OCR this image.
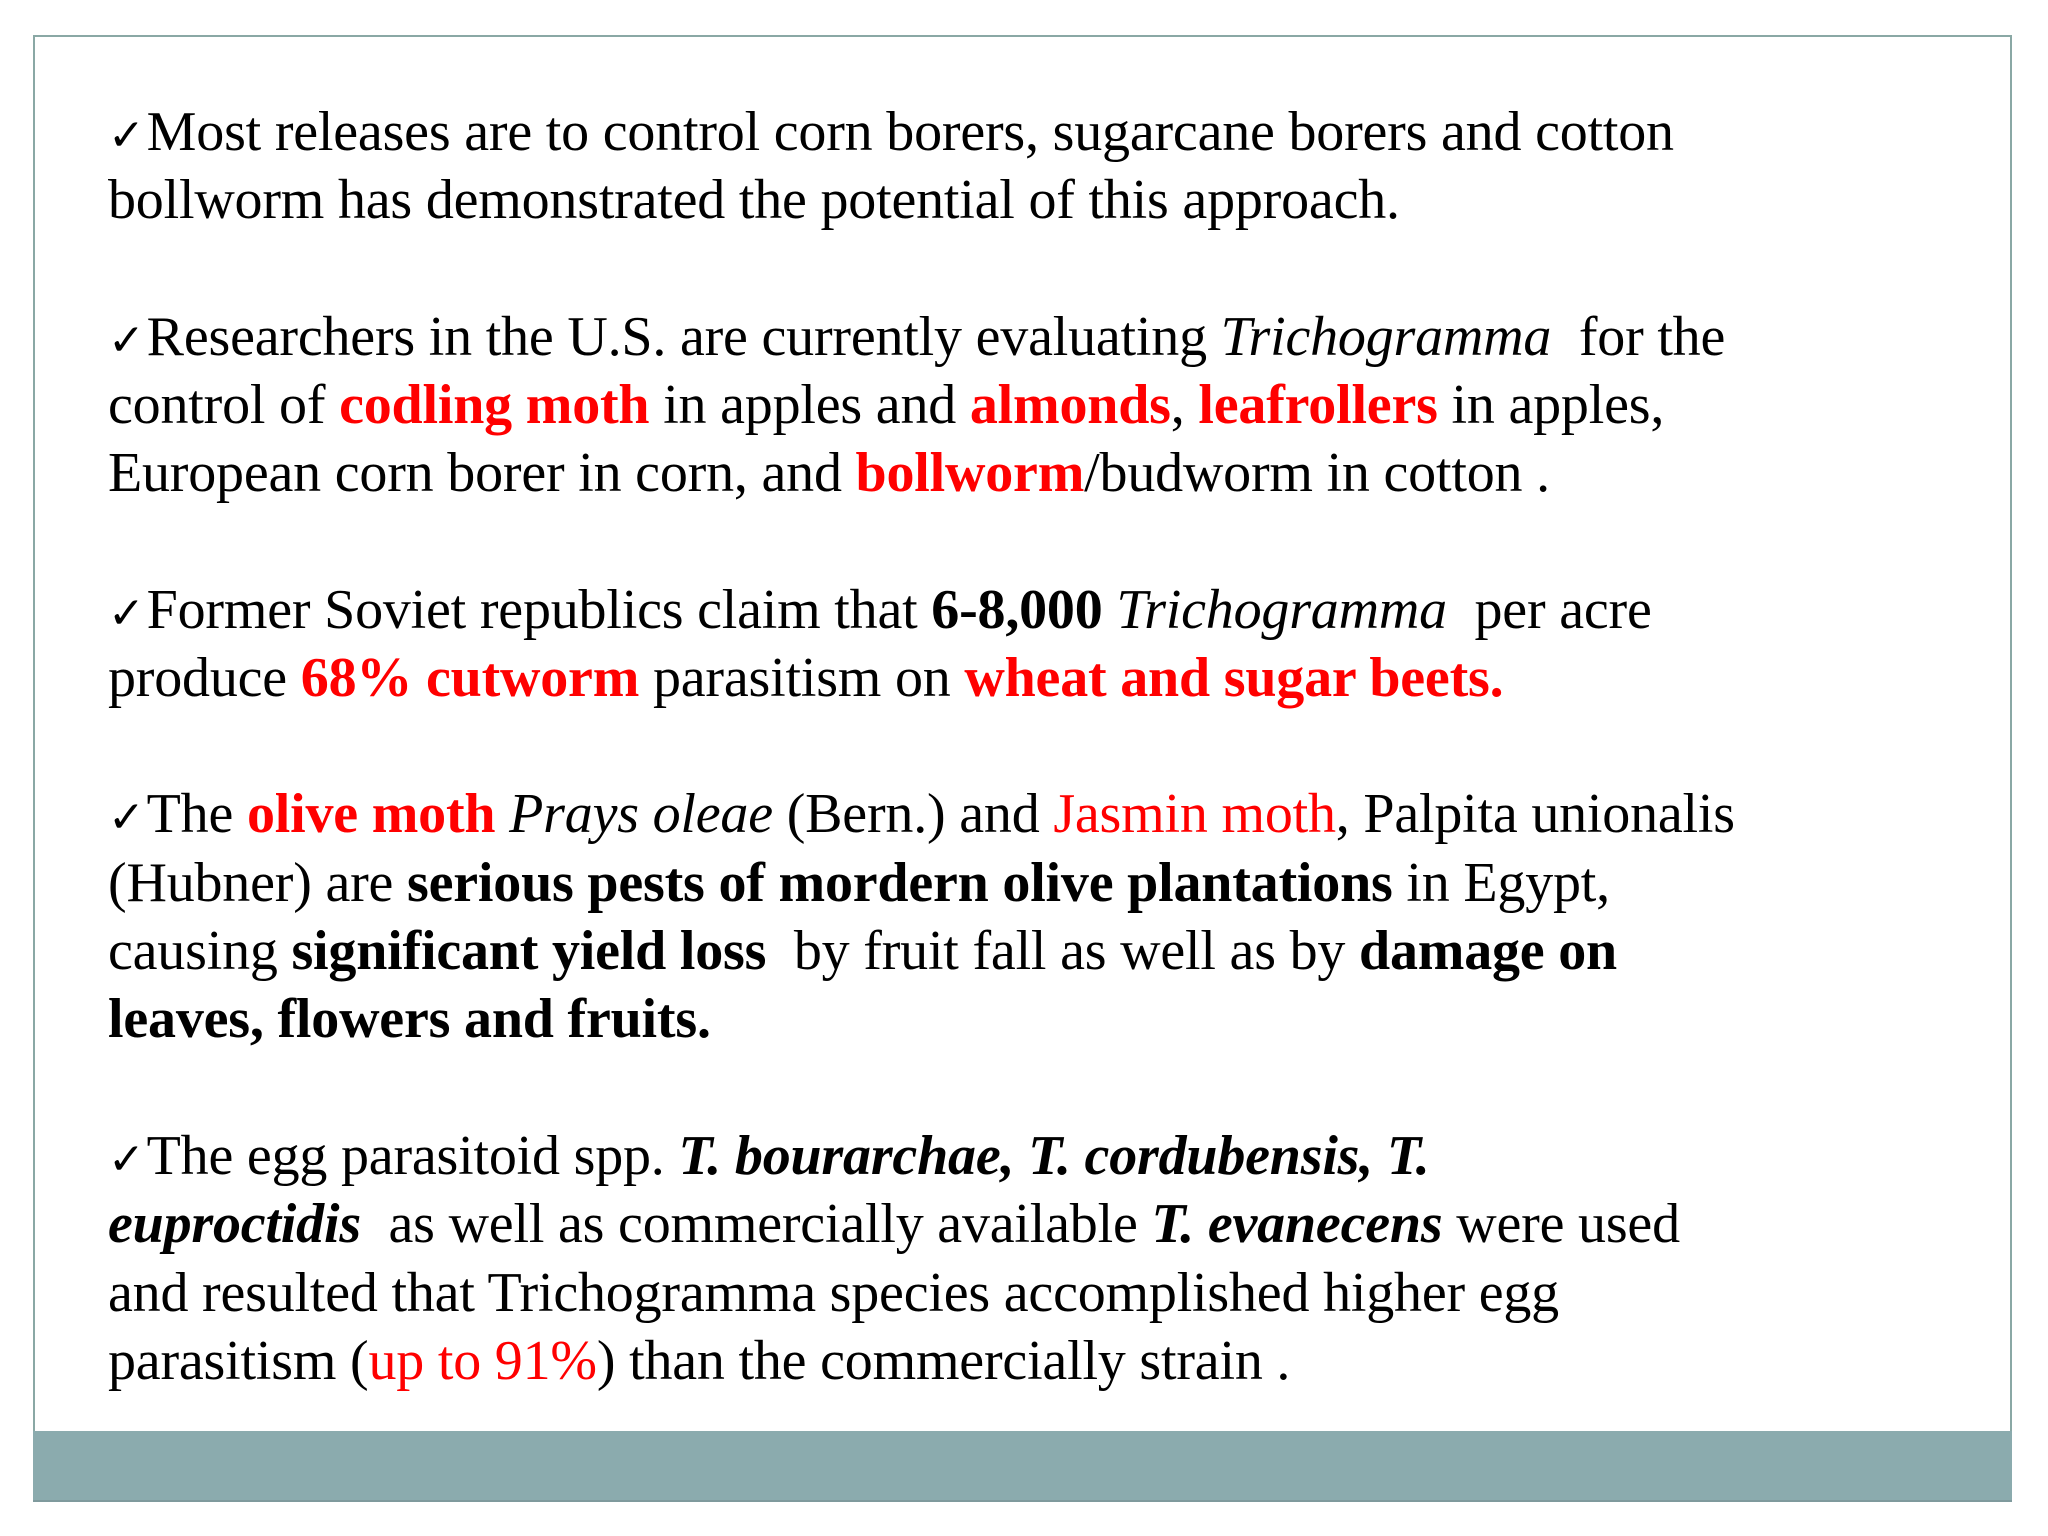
✓Most releases are to control corn borers, sugarcane borers and cotton
bollworm has demonstrated the potential of this approach.
✓Researchers in the U.S. are currently evaluating Trichogramma  for the
control of codling moth in apples and almonds, leafrollers in apples,
European corn borer in corn, and bollworm/budworm in cotton .
✓Former Soviet republics claim that 6-8,000 Trichogramma  per acre
produce 68% cutworm parasitism on wheat and sugar beets.
✓The olive moth Prays oleae (Bern.) and Jasmin moth, Palpita unionalis
(Hubner) are serious pests of mordern olive plantations in Egypt,
causing significant yield loss  by fruit fall as well as by damage on
leaves, flowers and fruits.
✓The egg parasitoid spp. T. bourarchae, T. cordubensis, T.
euproctidis  as well as commercially available T. evanecens were used
and resulted that Trichogramma species accomplished higher egg
parasitism (up to 91%) than the commercially strain .
